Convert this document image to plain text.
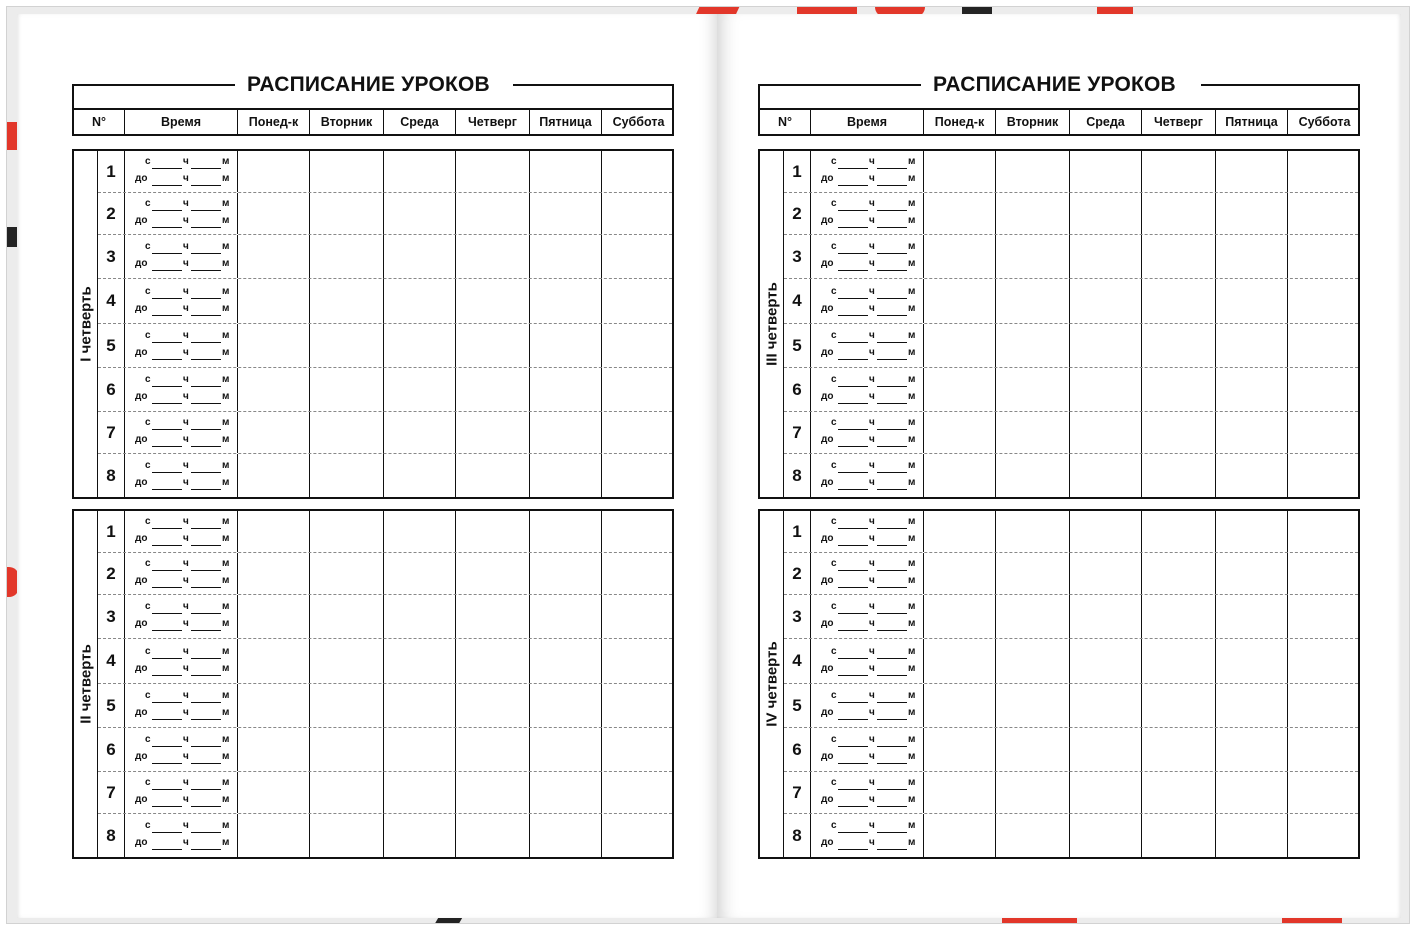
РАСПИСАНИЕ УРОКОВ
N°	Время	Понед-к	Вторник	Среда	Четверг	Пятница	Суббота
I четверть
1	с	ч	м
до	ч	м
2	с	ч	м
до	ч	м
3	с	ч	м
до	ч	м
4	с	ч	м
до	ч	м
5	с	ч	м
до	ч	м
6	с	ч	м
до	ч	м
7	с	ч	м
до	ч	м
8	с	ч	м
до	ч	м
II четверть
1	с	ч	м
до	ч	м
2	с	ч	м
до	ч	м
3	с	ч	м
до	ч	м
4	с	ч	м
до	ч	м
5	с	ч	м
до	ч	м
6	с	ч	м
до	ч	м
7	с	ч	м
до	ч	м
8	с	ч	м
до	ч	м
РАСПИСАНИЕ УРОКОВ
N°	Время	Понед-к	Вторник	Среда	Четверг	Пятница	Суббота
III четверть
1	с	ч	м
до	ч	м
2	с	ч	м
до	ч	м
3	с	ч	м
до	ч	м
4	с	ч	м
до	ч	м
5	с	ч	м
до	ч	м
6	с	ч	м
до	ч	м
7	с	ч	м
до	ч	м
8	с	ч	м
до	ч	м
IV четверть
1	с	ч	м
до	ч	м
2	с	ч	м
до	ч	м
3	с	ч	м
до	ч	м
4	с	ч	м
до	ч	м
5	с	ч	м
до	ч	м
6	с	ч	м
до	ч	м
7	с	ч	м
до	ч	м
8	с	ч	м
до	ч	м
